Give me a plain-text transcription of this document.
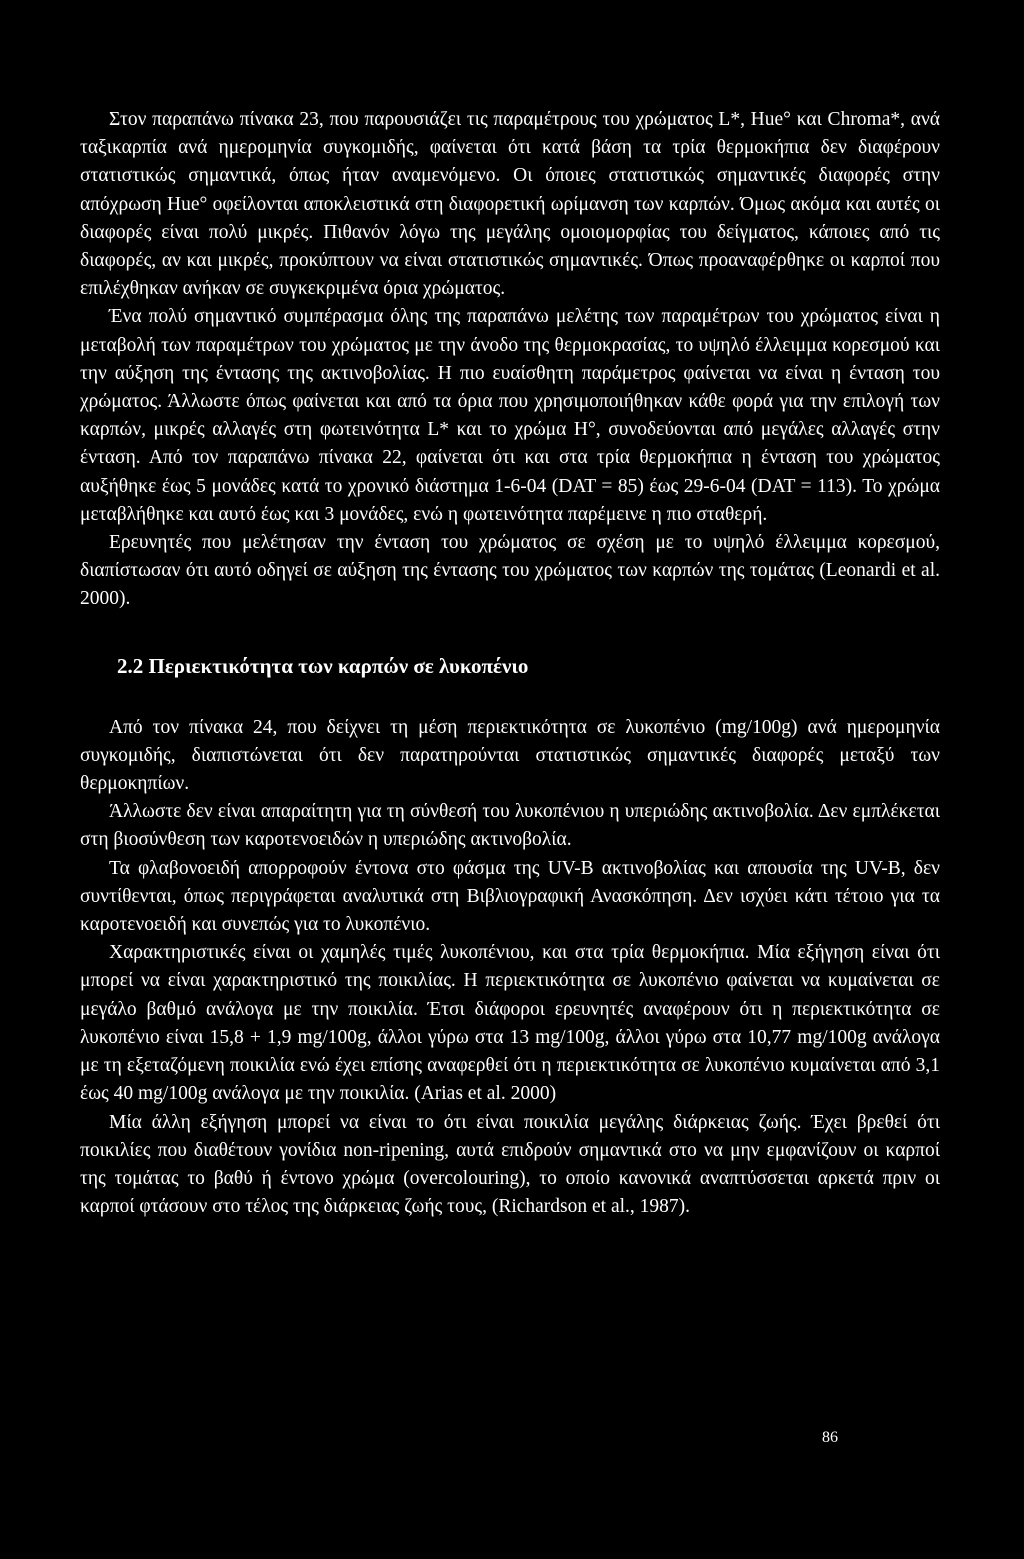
Στον παραπάνω πίνακα 23, που παρουσιάζει τις παραμέτρους του χρώματος L*, Hue° και Chroma*, ανά ταξικαρπία ανά ημερομηνία συγκομιδής, φαίνεται ότι κατά βάση τα τρία θερμοκήπια δεν διαφέρουν στατιστικώς σημαντικά, όπως ήταν αναμενόμενο. Οι όποιες στατιστικώς σημαντικές διαφορές στην απόχρωση Hue° οφείλονται αποκλειστικά στη διαφορετική ωρίμανση των καρπών. Όμως ακόμα και αυτές οι διαφορές είναι πολύ μικρές. Πιθανόν λόγω της μεγάλης ομοιομορφίας του δείγματος, κάποιες από τις διαφορές, αν και μικρές, προκύπτουν να είναι στατιστικώς σημαντικές. Όπως προαναφέρθηκε οι καρποί που επιλέχθηκαν ανήκαν σε συγκεκριμένα όρια χρώματος.

Ένα πολύ σημαντικό συμπέρασμα όλης της παραπάνω μελέτης των παραμέτρων του χρώματος είναι η μεταβολή των παραμέτρων του χρώματος με την άνοδο της θερμοκρασίας, το υψηλό έλλειμμα κορεσμού και την αύξηση της έντασης της ακτινοβολίας. Η πιο ευαίσθητη παράμετρος φαίνεται να είναι η ένταση του χρώματος. Άλλωστε όπως φαίνεται και από τα όρια που χρησιμοποιήθηκαν κάθε φορά για την επιλογή των καρπών, μικρές αλλαγές στη φωτεινότητα L* και το χρώμα H°, συνοδεύονται από μεγάλες αλλαγές στην ένταση. Από τον παραπάνω πίνακα 22, φαίνεται ότι και στα τρία θερμοκήπια η ένταση του χρώματος αυξήθηκε έως 5 μονάδες κατά το χρονικό διάστημα 1-6-04 (DAT = 85) έως 29-6-04 (DAT = 113). Το χρώμα μεταβλήθηκε και αυτό έως και 3 μονάδες, ενώ η φωτεινότητα παρέμεινε η πιο σταθερή.

Ερευνητές που μελέτησαν την ένταση του χρώματος σε σχέση με το υψηλό έλλειμμα κορεσμού, διαπίστωσαν ότι αυτό οδηγεί σε αύξηση της έντασης του χρώματος των καρπών της τομάτας (Leonardi et al. 2000).

2.2 Περιεκτικότητα των καρπών σε λυκοπένιο

Από τον πίνακα 24, που δείχνει τη μέση περιεκτικότητα σε λυκοπένιο (mg/100g) ανά ημερομηνία συγκομιδής, διαπιστώνεται ότι δεν παρατηρούνται στατιστικώς σημαντικές διαφορές μεταξύ των θερμοκηπίων.

Άλλωστε δεν είναι απαραίτητη για τη σύνθεσή του λυκοπένιου η υπεριώδης ακτινοβολία. Δεν εμπλέκεται στη βιοσύνθεση των καροτενοειδών η υπεριώδης ακτινοβολία.

Τα φλαβονοειδή απορροφούν έντονα στο φάσμα της UV-B ακτινοβολίας και απουσία της UV-B, δεν συντίθενται, όπως περιγράφεται αναλυτικά στη Βιβλιογραφική Ανασκόπηση. Δεν ισχύει κάτι τέτοιο για τα καροτενοειδή και συνεπώς για το λυκοπένιο.

Χαρακτηριστικές είναι οι χαμηλές τιμές λυκοπένιου, και στα τρία θερμοκήπια. Μία εξήγηση είναι ότι μπορεί να είναι χαρακτηριστικό της ποικιλίας. Η περιεκτικότητα σε λυκοπένιο φαίνεται να κυμαίνεται σε μεγάλο βαθμό ανάλογα με την ποικιλία. Έτσι διάφοροι ερευνητές αναφέρουν ότι η περιεκτικότητα σε λυκοπένιο είναι 15,8 + 1,9 mg/100g, άλλοι γύρω στα 13 mg/100g, άλλοι γύρω στα 10,77 mg/100g ανάλογα με τη εξεταζόμενη ποικιλία ενώ έχει επίσης αναφερθεί ότι η περιεκτικότητα σε λυκοπένιο κυμαίνεται από 3,1 έως 40 mg/100g ανάλογα με την ποικιλία. (Arias et al. 2000)

Μία άλλη εξήγηση μπορεί να είναι το ότι είναι ποικιλία μεγάλης διάρκειας ζωής. Έχει βρεθεί ότι ποικιλίες που διαθέτουν γονίδια non-ripening, αυτά επιδρούν σημαντικά στο να μην εμφανίζουν οι καρποί της τομάτας το βαθύ ή έντονο χρώμα (overcolouring), το οποίο κανονικά αναπτύσσεται αρκετά πριν οι καρποί φτάσουν στο τέλος της διάρκειας ζωής τους, (Richardson et al., 1987).

86
